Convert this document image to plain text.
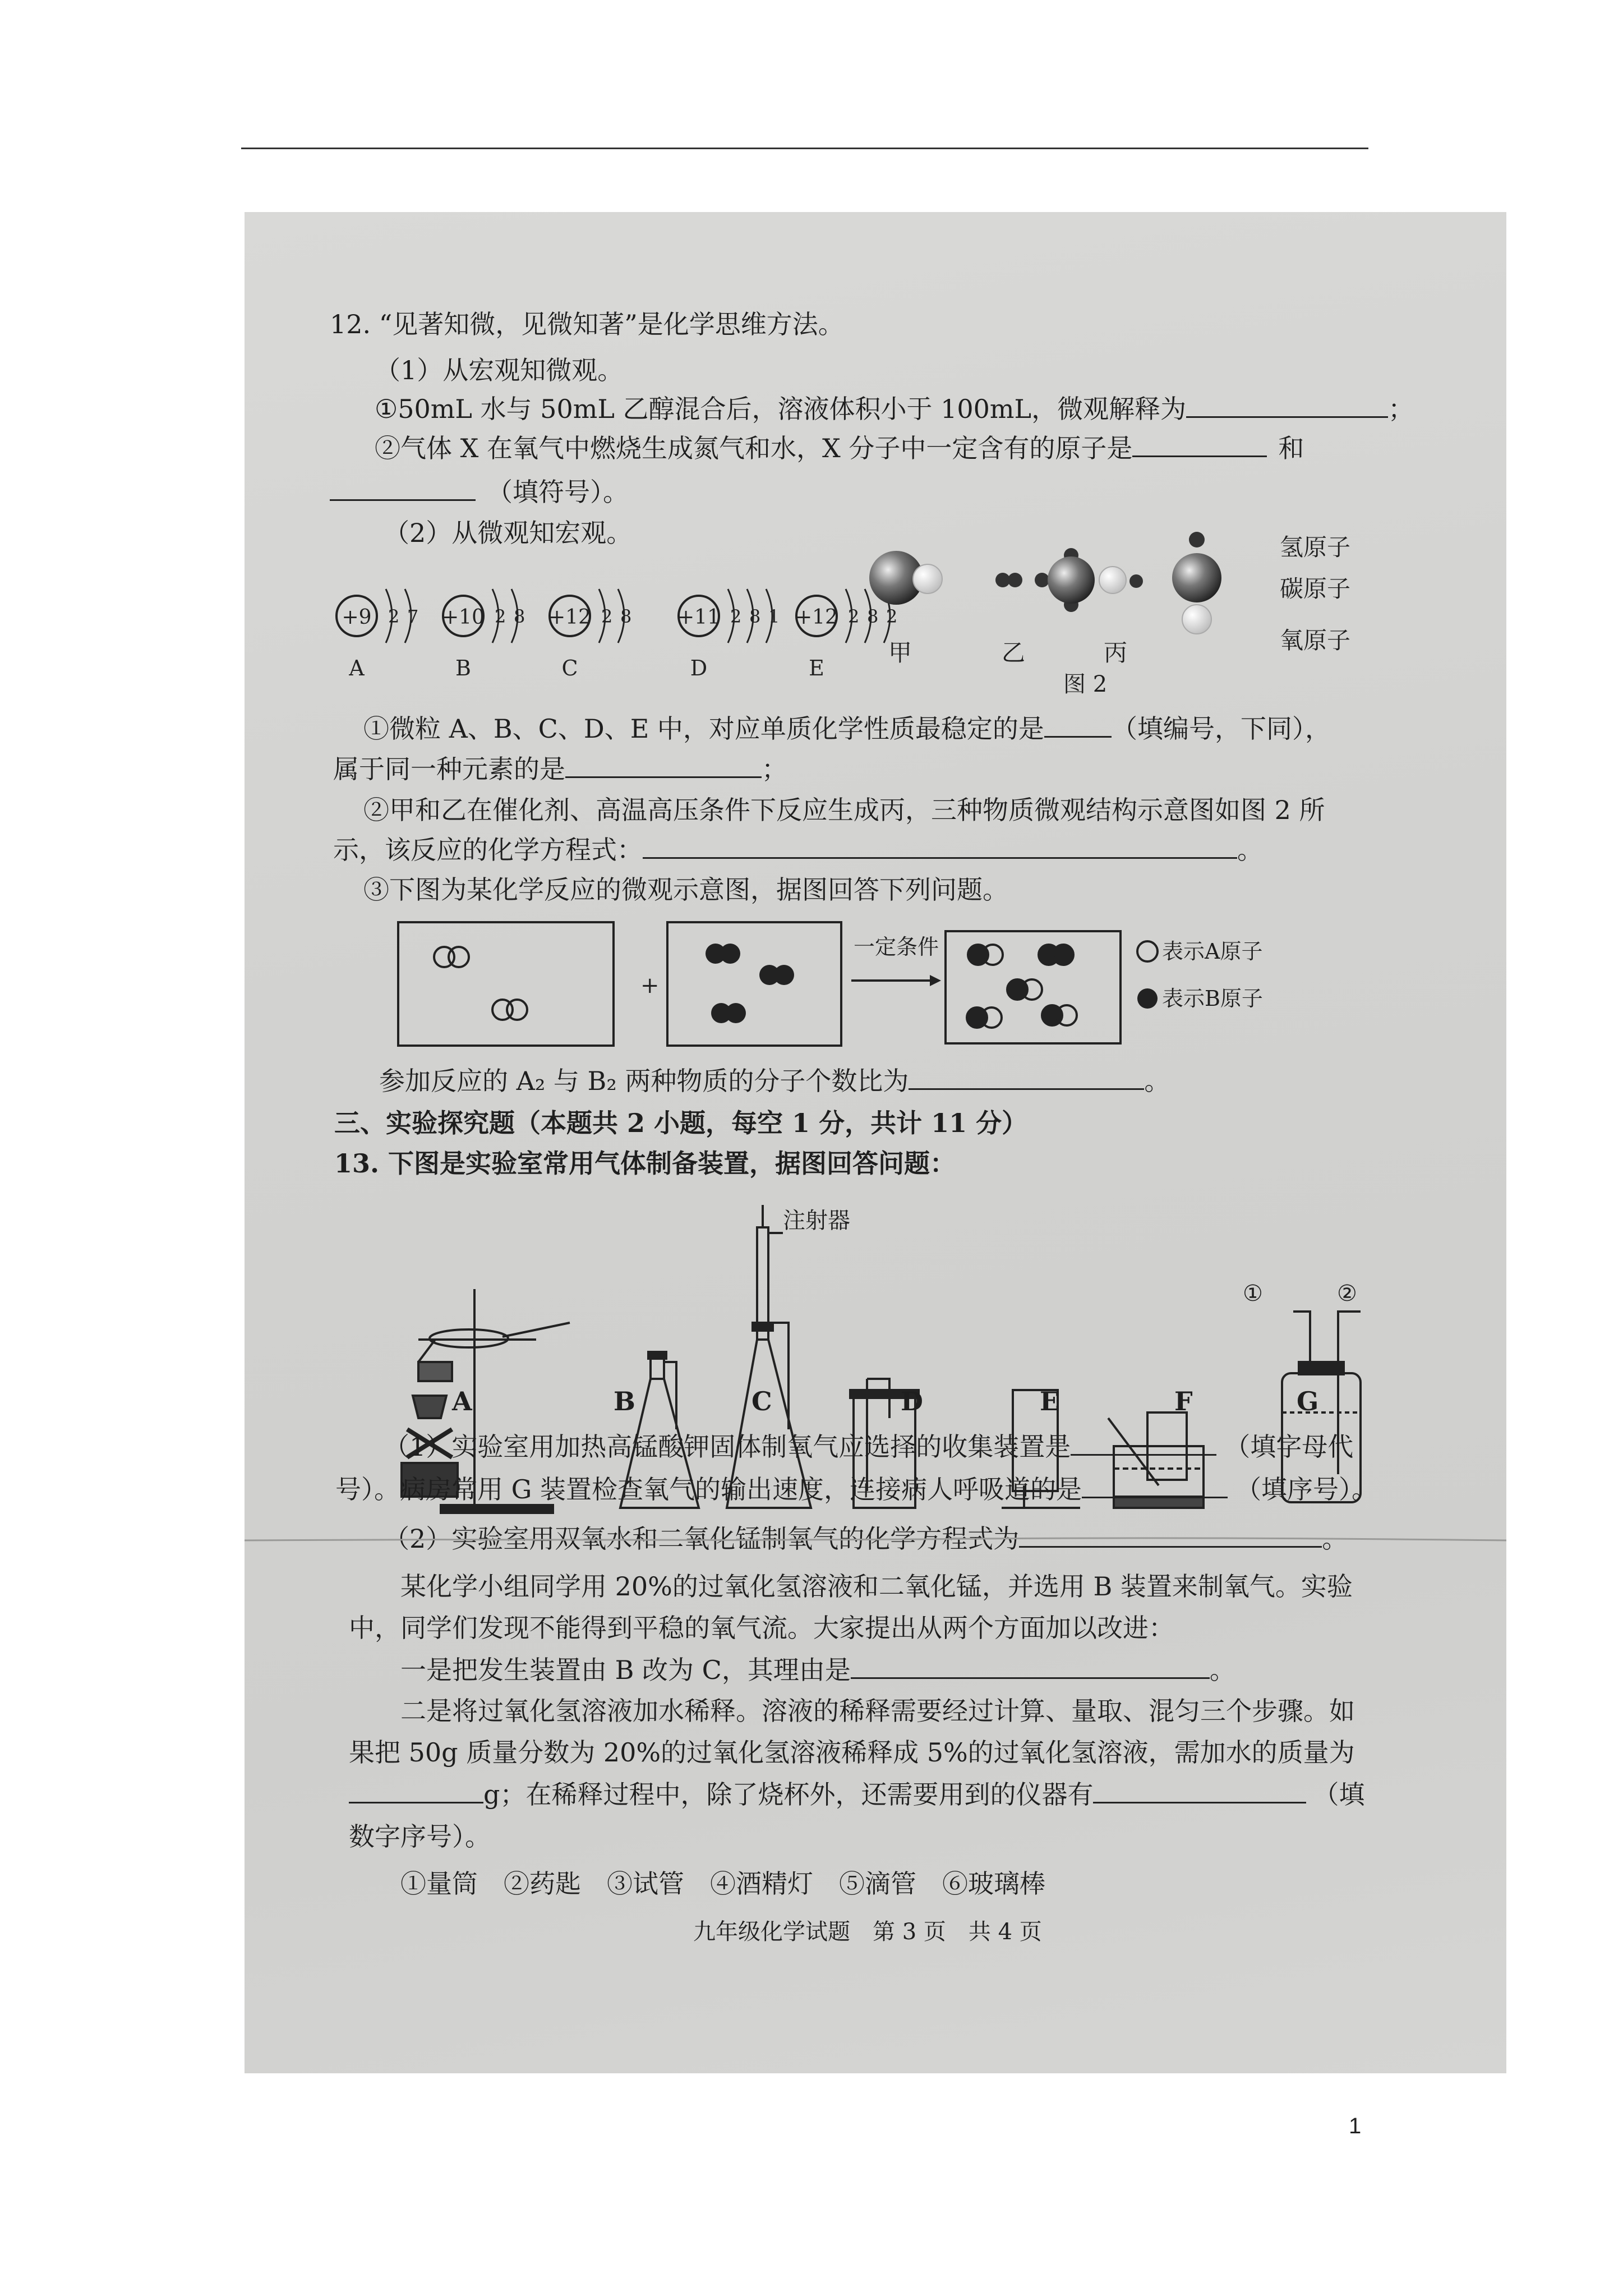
12. “见著知微，见微知著”是化学思维方法。
（1）从宏观知微观。
①50mL 水与 50mL 乙醇混合后，溶液体积小于 100mL，微观解释为	；
②气体 X 在氧气中燃烧生成氮气和水，X 分子中一定含有的原子是	和
（填符号）。
（2）从微观知宏观。
+9 2 7
A
+10 2 8
B
+12 2 8
C
+11 2 8 1
D
+12 2 8 2
E
甲	乙	丙
图 2
氢原子
碳原子
氧原子
①微粒 A、B、C、D、E 中，对应单质化学性质最稳定的是	（填编号，下同），
属于同一种元素的是	；
②甲和乙在催化剂、高温高压条件下反应生成丙，三种物质微观结构示意图如图 2 所
示，该反应的化学方程式：	。
③下图为某化学反应的微观示意图，据图回答下列问题。
+
一定条件	表示A原子
表示B原子
参加反应的 A₂ 与 B₂ 两种物质的分子个数比为	。
三、实验探究题（本题共 2 小题，每空 1 分，共计 11 分）
13. 下图是实验室常用气体制备装置，据图回答问题：
注射器
①	②
A	B	C	D	E	F	G
（1）实验室用加热高锰酸钾固体制氧气应选择的收集装置是	（填字母代
号）。病房常用 G 装置检查氧气的输出速度，连接病人呼吸道的是	（填序号）。
（2）实验室用双氧水和二氧化锰制氧气的化学方程式为	。
某化学小组同学用 20%的过氧化氢溶液和二氧化锰，并选用 B 装置来制氧气。实验
中，同学们发现不能得到平稳的氧气流。大家提出从两个方面加以改进：
一是把发生装置由 B 改为 C，其理由是	。
二是将过氧化氢溶液加水稀释。溶液的稀释需要经过计算、量取、混匀三个步骤。如
果把 50g 质量分数为 20%的过氧化氢溶液稀释成 5%的过氧化氢溶液，需加水的质量为
g；在稀释过程中，除了烧杯外，还需要用到的仪器有	（填
数字序号）。
①量筒　②药匙　③试管　④酒精灯　⑤滴管　⑥玻璃棒
九年级化学试题　第 3 页　共 4 页
1
